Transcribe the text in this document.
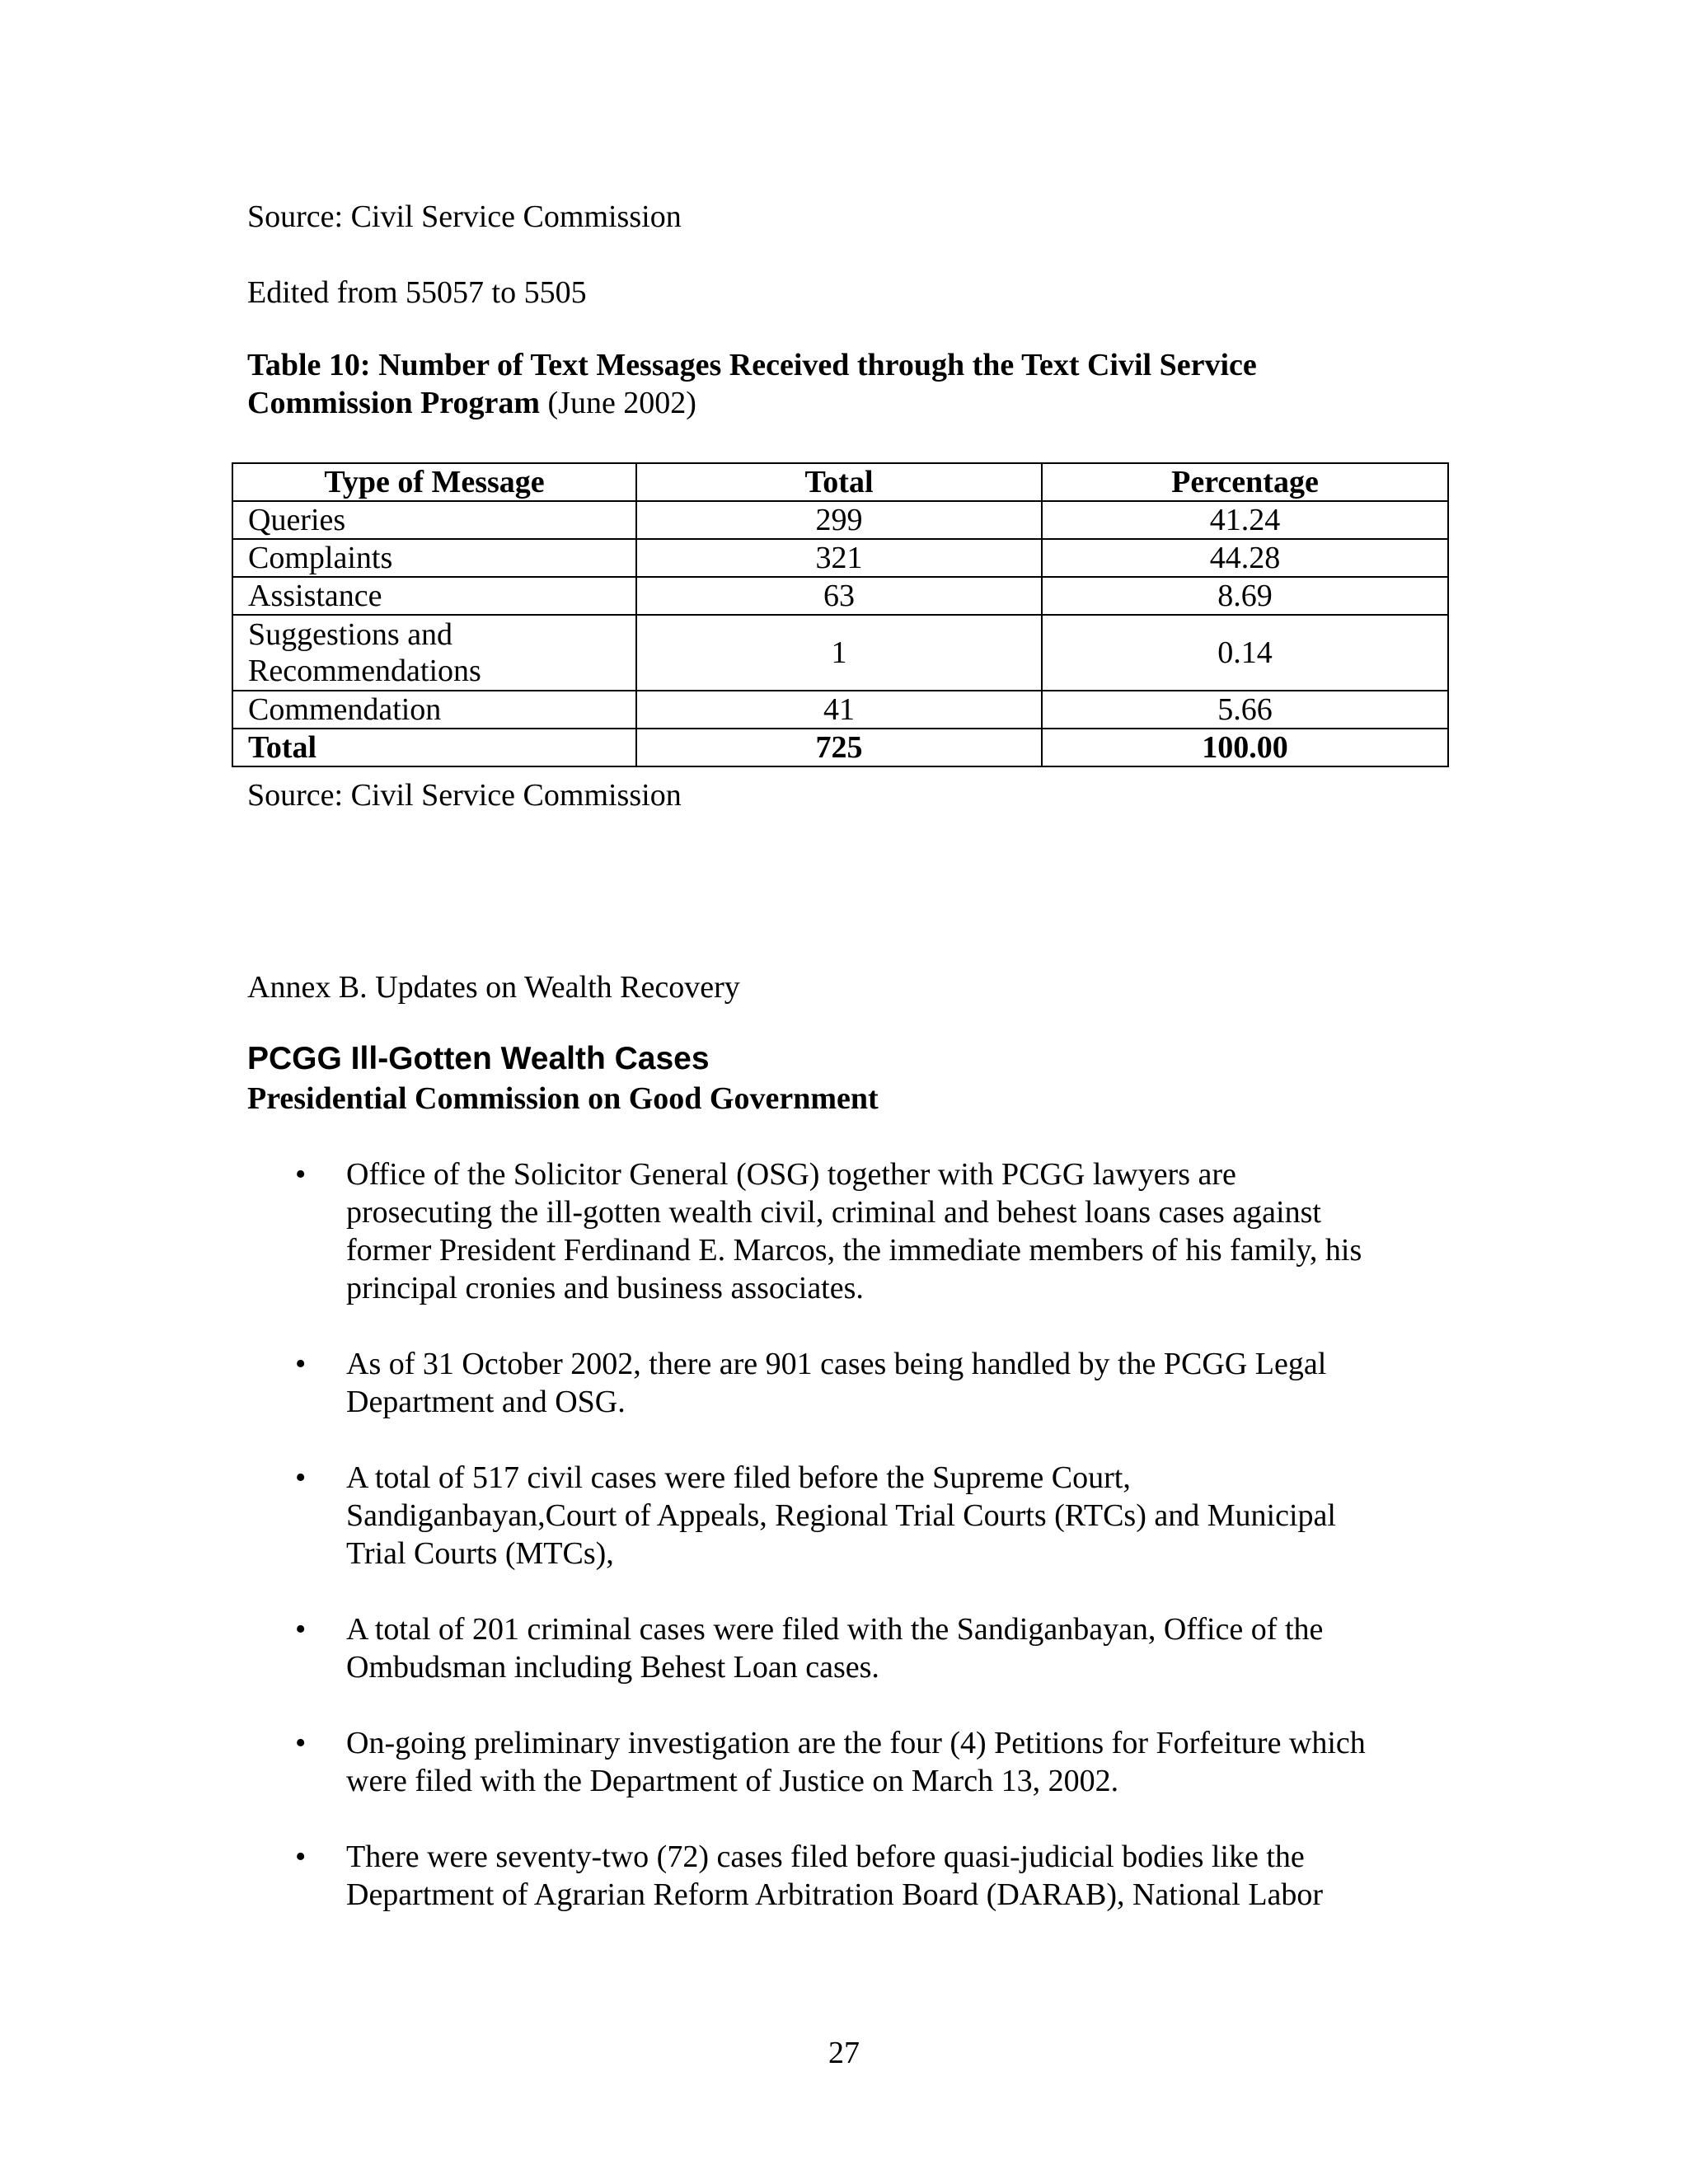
Source: Civil Service Commission
Edited from 55057 to 5505
Table 10: Number of Text Messages Received through the Text Civil Service
Commission Program (June 2002)
Type of Message	Total	Percentage
Queries	299	41.24
Complaints	321	44.28
Assistance	63	8.69

Suggestions and
Recommendations	1	0.14
Commendation	41	5.66
Total	725	100.00
Source: Civil Service Commission
Annex B. Updates on Wealth Recovery
PCGG Ill-Gotten Wealth Cases
Presidential Commission on Good Government
• Office of the Solicitor General (OSG) together with PCGG lawyers are
prosecuting the ill-gotten wealth civil, criminal and behest loans cases against
former President Ferdinand E. Marcos, the immediate members of his family, his
principal cronies and business associates.
• As of 31 October 2002, there are 901 cases being handled by the PCGG Legal
Department and OSG.
• A total of 517 civil cases were filed before the Supreme Court,
Sandiganbayan,Court of Appeals, Regional Trial Courts (RTCs) and Municipal
Trial Courts (MTCs),
• A total of 201 criminal cases were filed with the Sandiganbayan, Office of the
Ombudsman including Behest Loan cases.
• On-going preliminary investigation are the four (4) Petitions for Forfeiture which
were filed with the Department of Justice on March 13, 2002.
• There were seventy-two (72) cases filed before quasi-judicial bodies like the
Department of Agrarian Reform Arbitration Board (DARAB), National Labor
27
